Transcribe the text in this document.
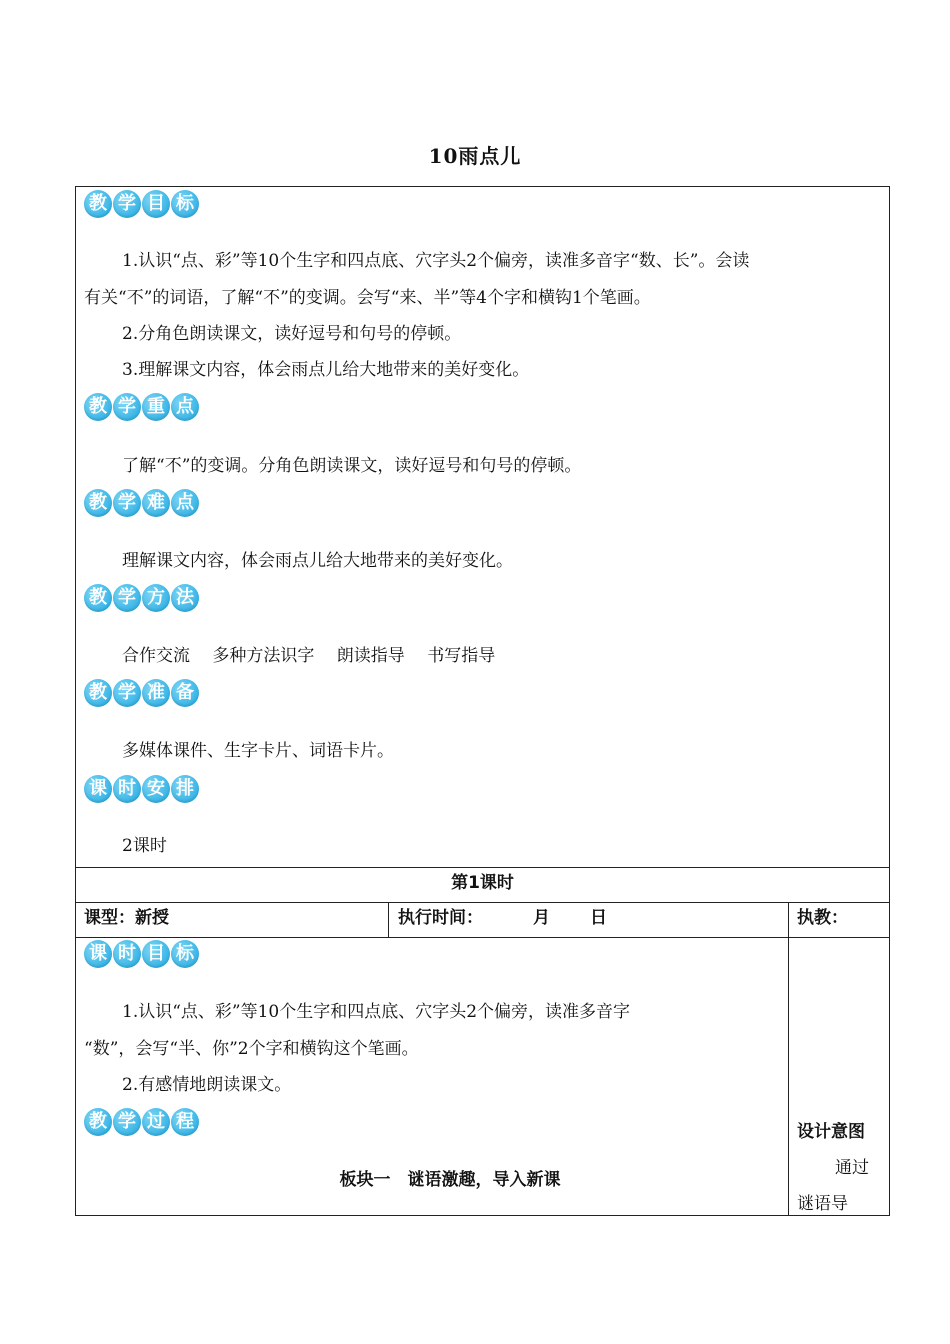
10雨点儿
教 学 目 标
1.认识“点、彩”等10个生字和四点底、穴字头2个偏旁，读准多音字“数、长”。会读
有关“不”的词语，了解“不”的变调。会写“来、半”等4个字和横钩1个笔画。
2.分角色朗读课文，读好逗号和句号的停顿。
3.理解课文内容，体会雨点儿给大地带来的美好变化。
教 学 重 点
了解“不”的变调。分角色朗读课文，读好逗号和句号的停顿。
教 学 难 点
理解课文内容，体会雨点儿给大地带来的美好变化。
教 学 方 法
合作交流　 多种方法识字　 朗读指导　 书写指导
教 学 准 备
多媒体课件、生字卡片、词语卡片。
课 时 安 排
2课时
第1课时
课型：新授	执行时间：	月 日	执教：
课 时 目 标
1.认识“点、彩”等10个生字和四点底、穴字头2个偏旁，读准多音字
“数”，会写“半、你”2个字和横钩这个笔画。
2.有感情地朗读课文。
教 学 过 程
板块一　谜语激趣，导入新课
设计意图
通过
谜语导
